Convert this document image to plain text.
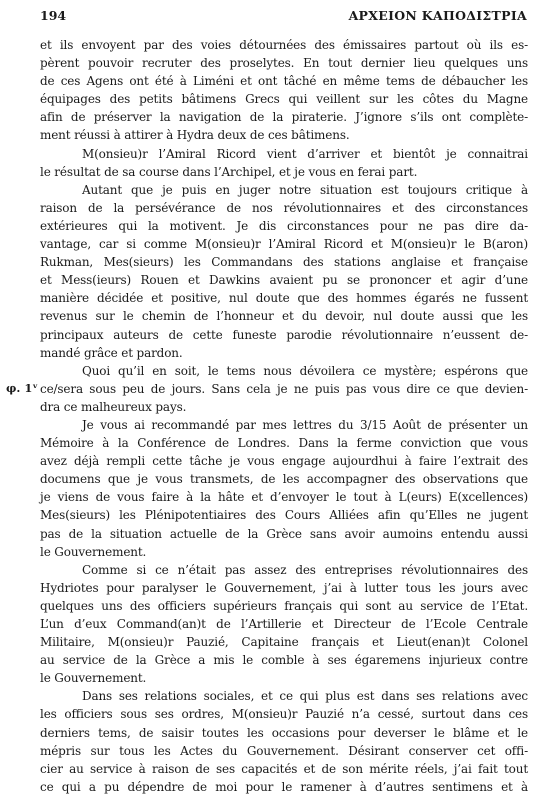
194	ΑΡΧΕΙΟΝ ΚΑΠΟΔΙΣΤΡΙΑ
φ. 1ᵛ
et ils envoyent par des voies détournées des émissaires partout où ils es-
pèrent pouvoir recruter des proselytes. En tout dernier lieu quelques uns
de ces Agens ont été à Liméni et ont tâché en même tems de débaucher les
équipages des petits bâtimens Grecs qui veillent sur les côtes du Magne
afin de préserver la navigation de la piraterie. J’ignore s’ils ont complète-
ment réussi à attirer à Hydra deux de ces bâtimens.
M(onsieu)r l’Amiral Ricord vient d’arriver et bientôt je connaitrai
le résultat de sa course dans l’Archipel, et je vous en ferai part.
Autant que je puis en juger notre situation est toujours critique à
raison de la persévérance de nos révolutionnaires et des circonstances
extérieures qui la motivent. Je dis circonstances pour ne pas dire da-
vantage, car si comme M(onsieu)r l’Amiral Ricord et M(onsieu)r le B(aron)
Rukman, Mes(sieurs) les Commandans des stations anglaise et française
et Mess(ieurs) Rouen et Dawkins avaient pu se prononcer et agir d’une
manière décidée et positive, nul doute que des hommes égarés ne fussent
revenus sur le chemin de l’honneur et du devoir, nul doute aussi que les
principaux auteurs de cette funeste parodie révolutionnaire n’eussent de-
mandé grâce et pardon.
Quoi qu’il en soit, le tems nous dévoilera ce mystère; espérons que
ce/sera sous peu de jours. Sans cela je ne puis pas vous dire ce que devien-
dra ce malheureux pays.
Je vous ai recommandé par mes lettres du 3/15 Août de présenter un
Mémoire à la Conférence de Londres. Dans la ferme conviction que vous
avez déjà rempli cette tâche je vous engage aujourdhui à faire l’extrait des
documens que je vous transmets, de les accompagner des observations que
je viens de vous faire à la hâte et d’envoyer le tout à L(eurs) E(xcellences)
Mes(sieurs) les Plénipotentiaires des Cours Alliées afin qu’Elles ne jugent
pas de la situation actuelle de la Grèce sans avoir aumoins entendu aussi
le Gouvernement.
Comme si ce n’était pas assez des entreprises révolutionnaires des
Hydriotes pour paralyser le Gouvernement, j’ai à lutter tous les jours avec
quelques uns des officiers supérieurs français qui sont au service de l’Etat.
L’un d’eux Command(an)t de l’Artillerie et Directeur de l’Ecole Centrale
Militaire, M(onsieu)r Pauzié, Capitaine français et Lieut(enan)t Colonel
au service de la Grèce a mis le comble à ses égaremens injurieux contre
le Gouvernement.
Dans ses relations sociales, et ce qui plus est dans ses relations avec
les officiers sous ses ordres, M(onsieu)r Pauzié n’a cessé, surtout dans ces
derniers tems, de saisir toutes les occasions pour deverser le blâme et le
mépris sur tous les Actes du Gouvernement. Désirant conserver cet offi-
cier au service à raison de ses capacités et de son mérite réels, j’ai fait tout
ce qui a pu dépendre de moi pour le ramener à d’autres sentimens et à
